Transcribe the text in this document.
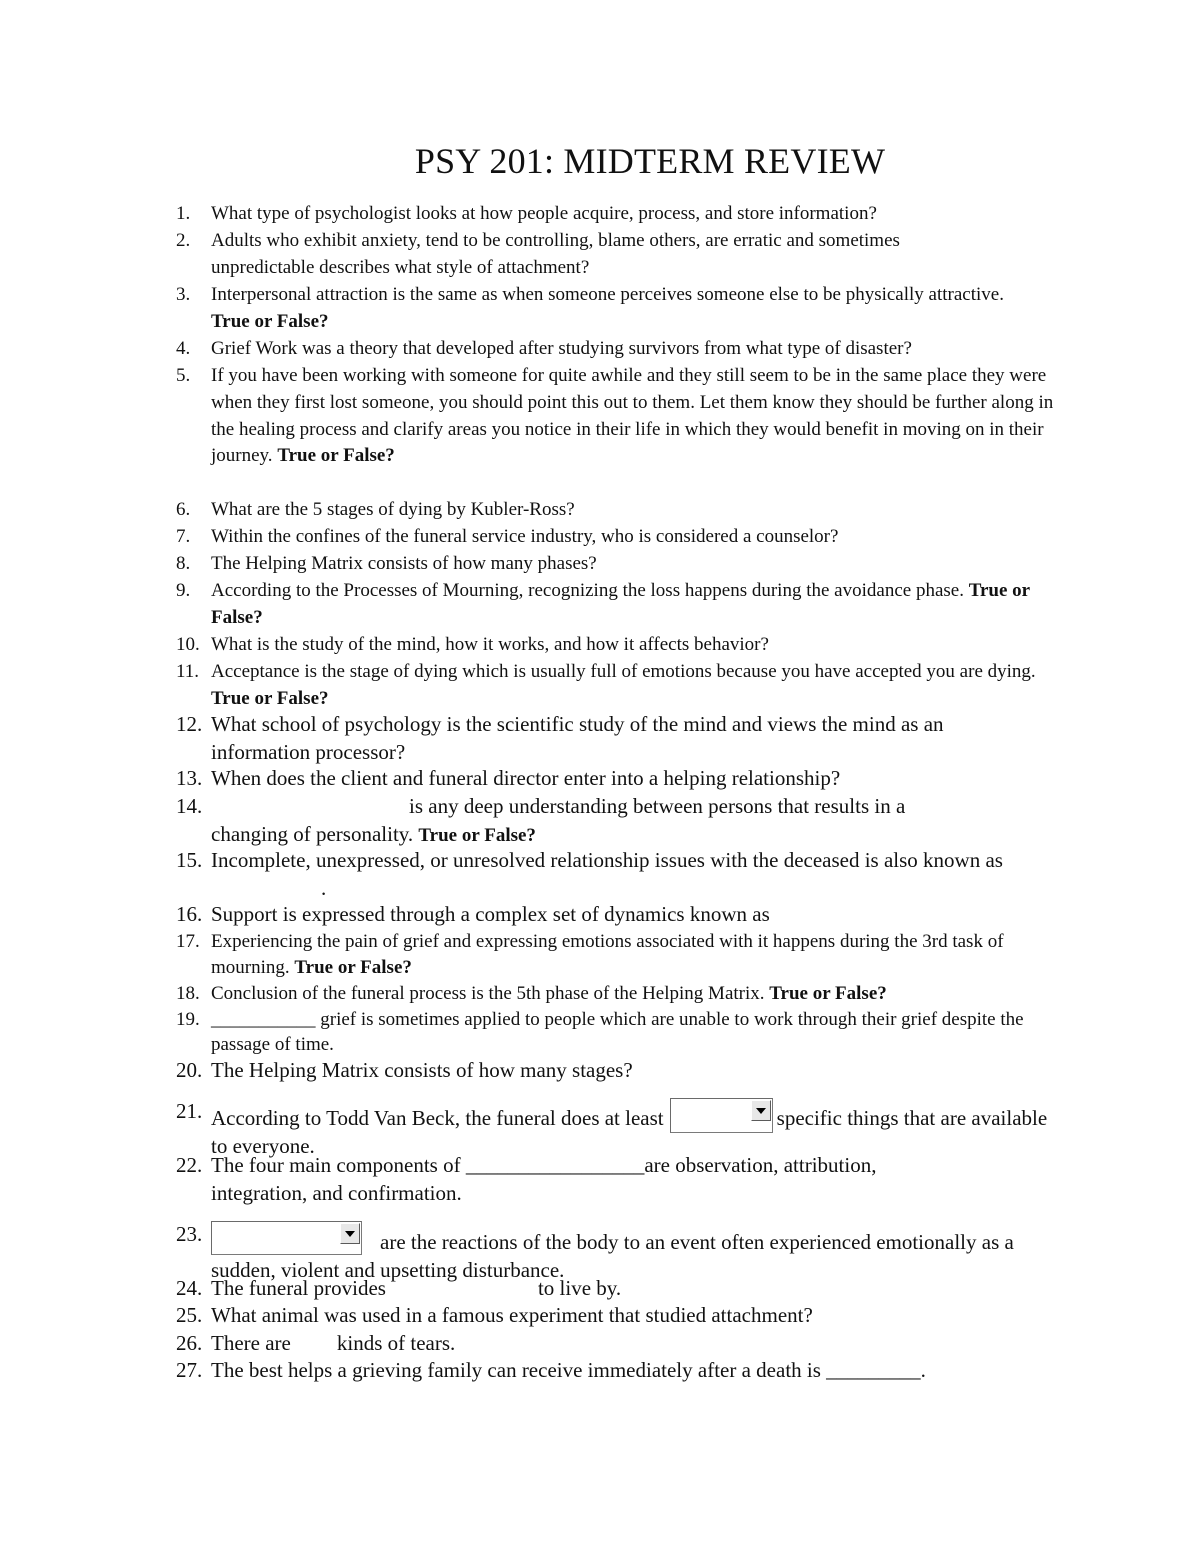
PSY 201: MIDTERM REVIEW
1. What type of psychologist looks at how people acquire, process, and store information?
2. Adults who exhibit anxiety, tend to be controlling, blame others, are erratic and sometimes unpredictable describes what style of attachment?
3. Interpersonal attraction is the same as when someone perceives someone else to be physically attractive. True or False?
4. Grief Work was a theory that developed after studying survivors from what type of disaster?
5. If you have been working with someone for quite awhile and they still seem to be in the same place they were when they first lost someone, you should point this out to them. Let them know they should be further along in the healing process and clarify areas you notice in their life in which they would benefit in moving on in their journey. True or False?
6. What are the 5 stages of dying by Kubler-Ross?
7. Within the confines of the funeral service industry, who is considered a counselor?
8. The Helping Matrix consists of how many phases?
9. According to the Processes of Mourning, recognizing the loss happens during the avoidance phase. True or False?
10. What is the study of the mind, how it works, and how it affects behavior?
11. Acceptance is the stage of dying which is usually full of emotions because you have accepted you are dying. True or False?
12. What school of psychology is the scientific study of the mind and views the mind as an information processor?
13. When does the client and funeral director enter into a helping relationship?
14.	is any deep understanding between persons that results in a changing of personality. True or False?
15. Incomplete, unexpressed, or unresolved relationship issues with the deceased is also known as.
16. Support is expressed through a complex set of dynamics known as
17. Experiencing the pain of grief and expressing emotions associated with it happens during the 3rd task of mourning. True or False?
18. Conclusion of the funeral process is the 5th phase of the Helping Matrix. True or False?
19. ___________ grief is sometimes applied to people which are unable to work through their grief despite the passage of time.
20. The Helping Matrix consists of how many stages?
21. According to Todd Van Beck, the funeral does at least	specific things that are available to everyone.
22. The four main components of _________________are observation, attribution, integration, and confirmation.
23.	are the reactions of the body to an event often experienced emotionally as a sudden, violent and upsetting disturbance.
24. The funeral provides	to live by.
25. What animal was used in a famous experiment that studied attachment?
26. There are kinds of tears.
27. The best helps a grieving family can receive immediately after a death is _________.
